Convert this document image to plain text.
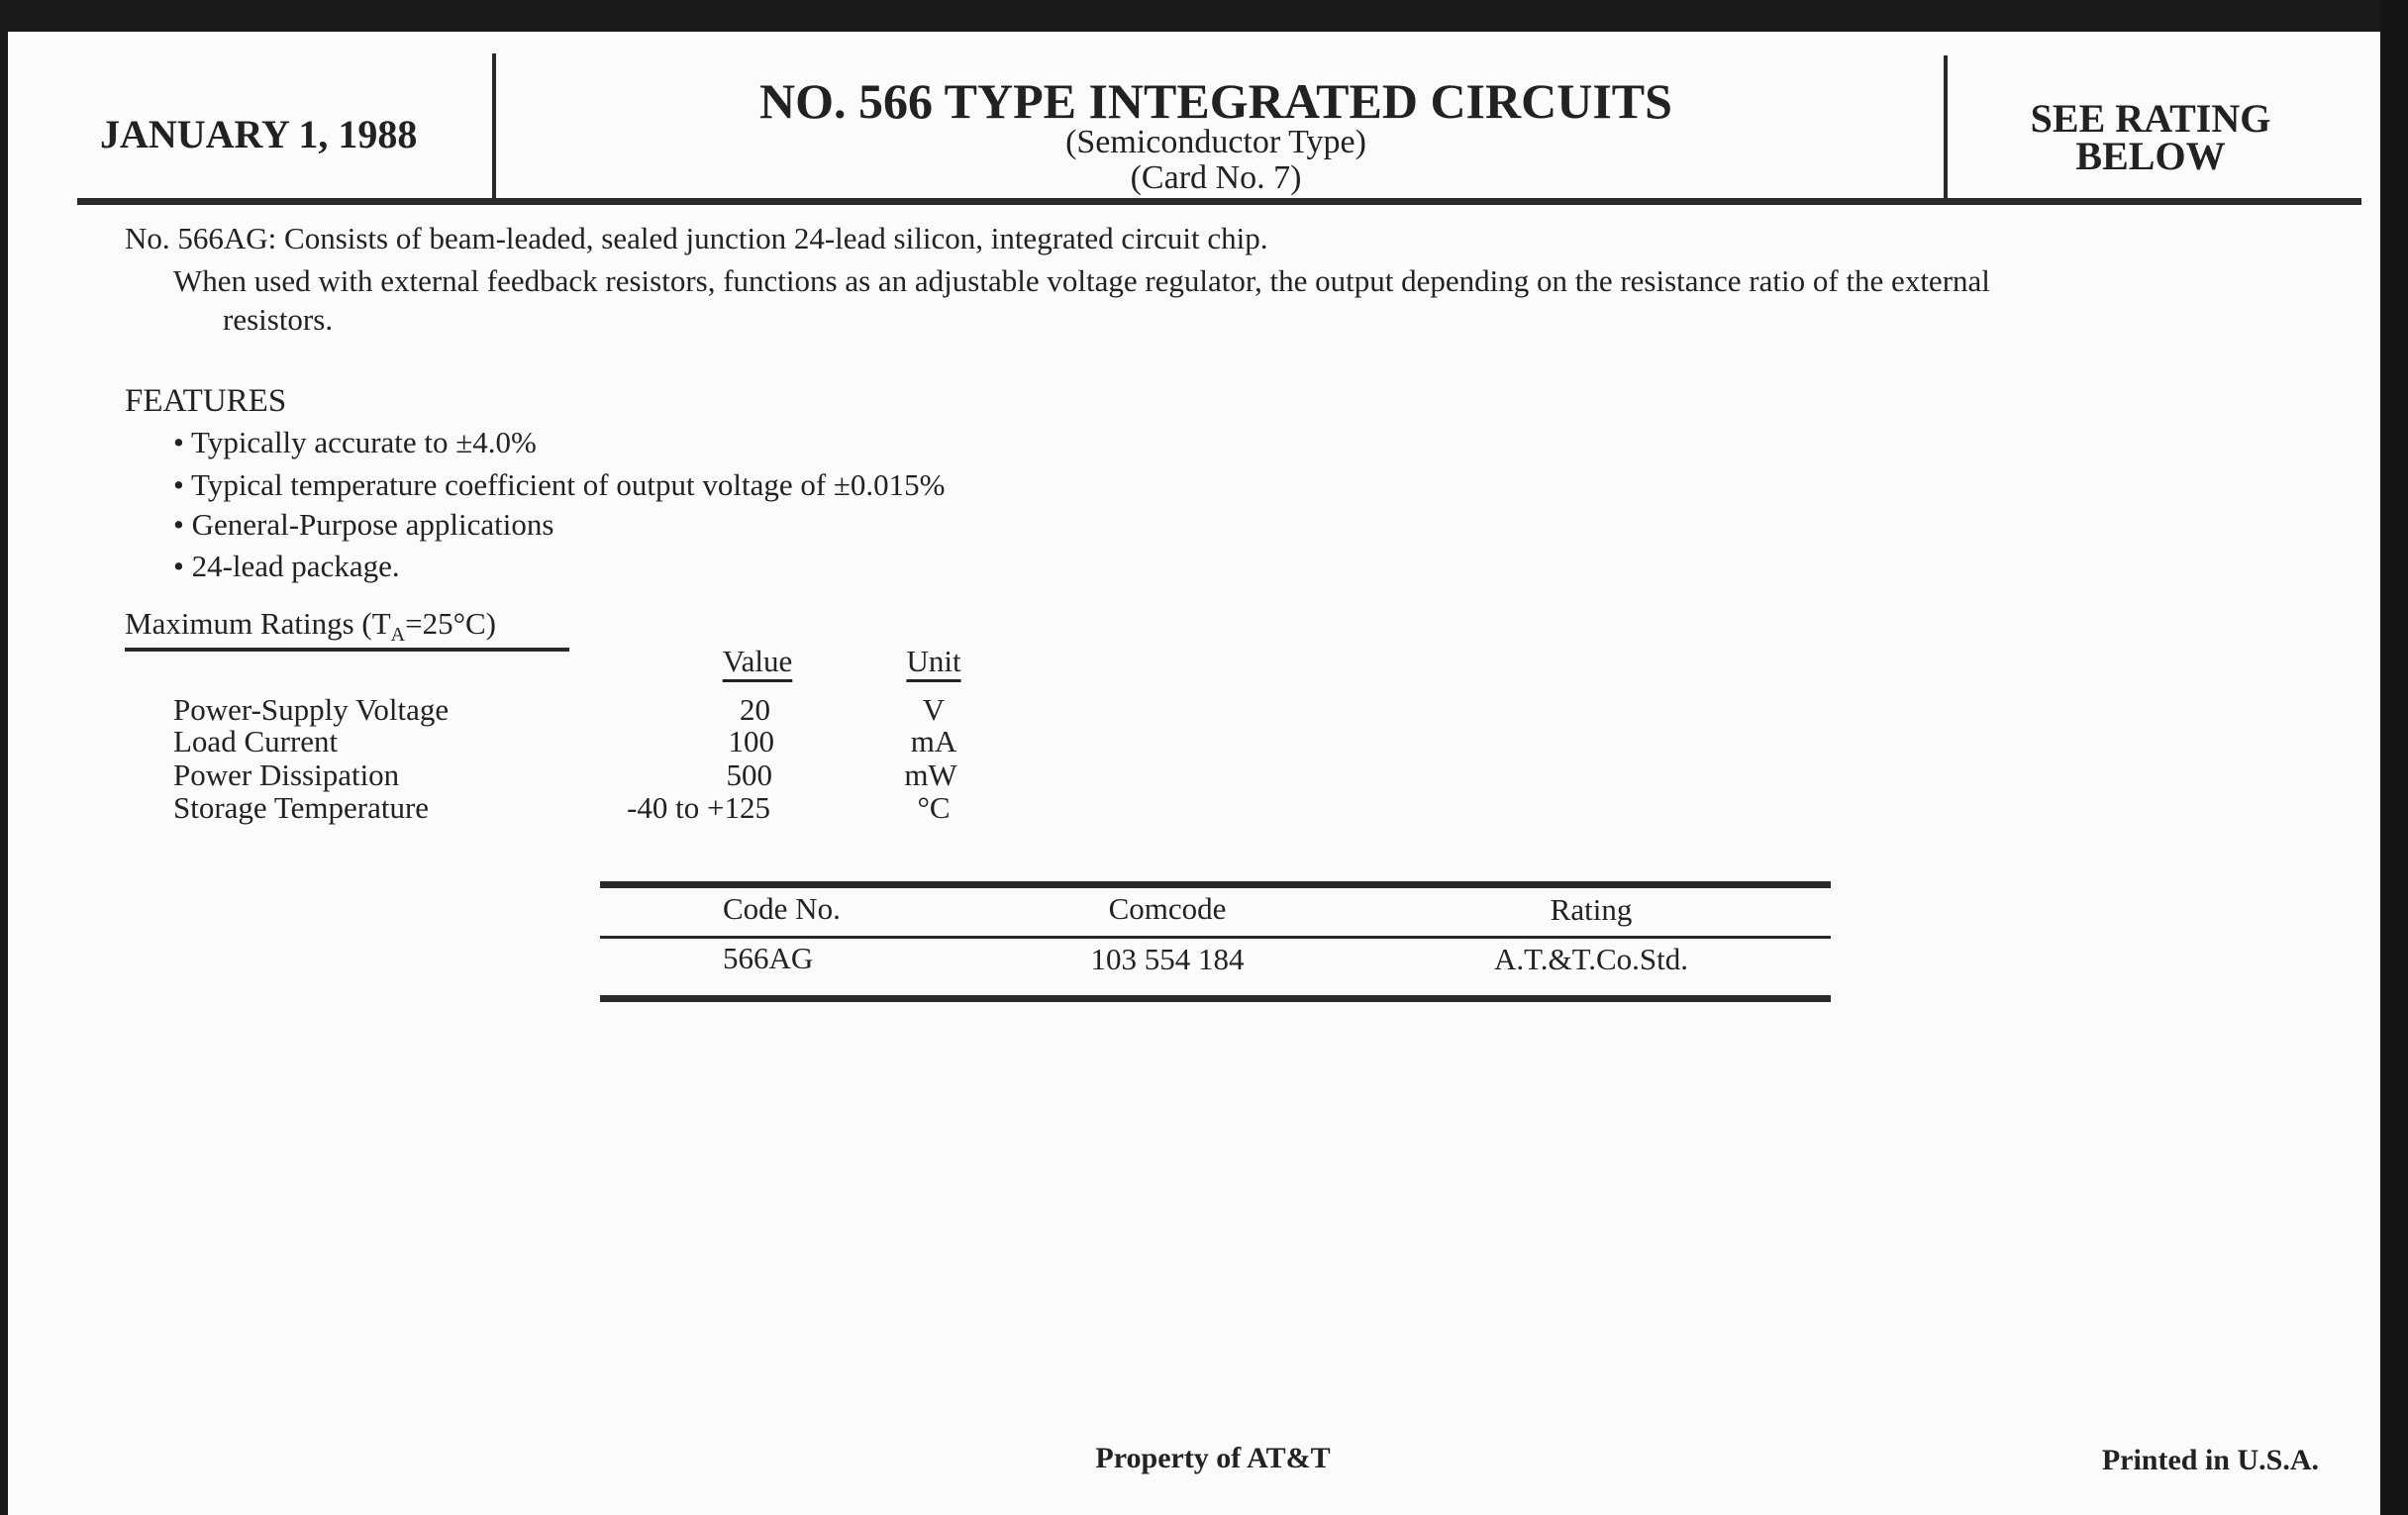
JANUARY 1, 1988
NO. 566 TYPE INTEGRATED CIRCUITS
(Semiconductor Type)
(Card No. 7)
SEE RATING
BELOW
No. 566AG: Consists of beam-leaded, sealed junction 24-lead silicon, integrated circuit chip.
When used with external feedback resistors, functions as an adjustable voltage regulator, the output depending on the resistance ratio of the external
resistors.
FEATURES
• Typically accurate to ±4.0%
• Typical temperature coefficient of output voltage of ±0.015%
• General-Purpose applications
• 24-lead package.
Maximum Ratings $(T_A=25^\circ C)$
Value	Unit
Power-Supply Voltage	20	V
Load Current	100	mA
Power Dissipation	500	mW
Storage Temperature	-40 to +125	°C
Code No.	Comcode	Rating
566AG	103 554 184	A.T.&T.Co.Std.
Property of AT&T	Printed in U.S.A.
